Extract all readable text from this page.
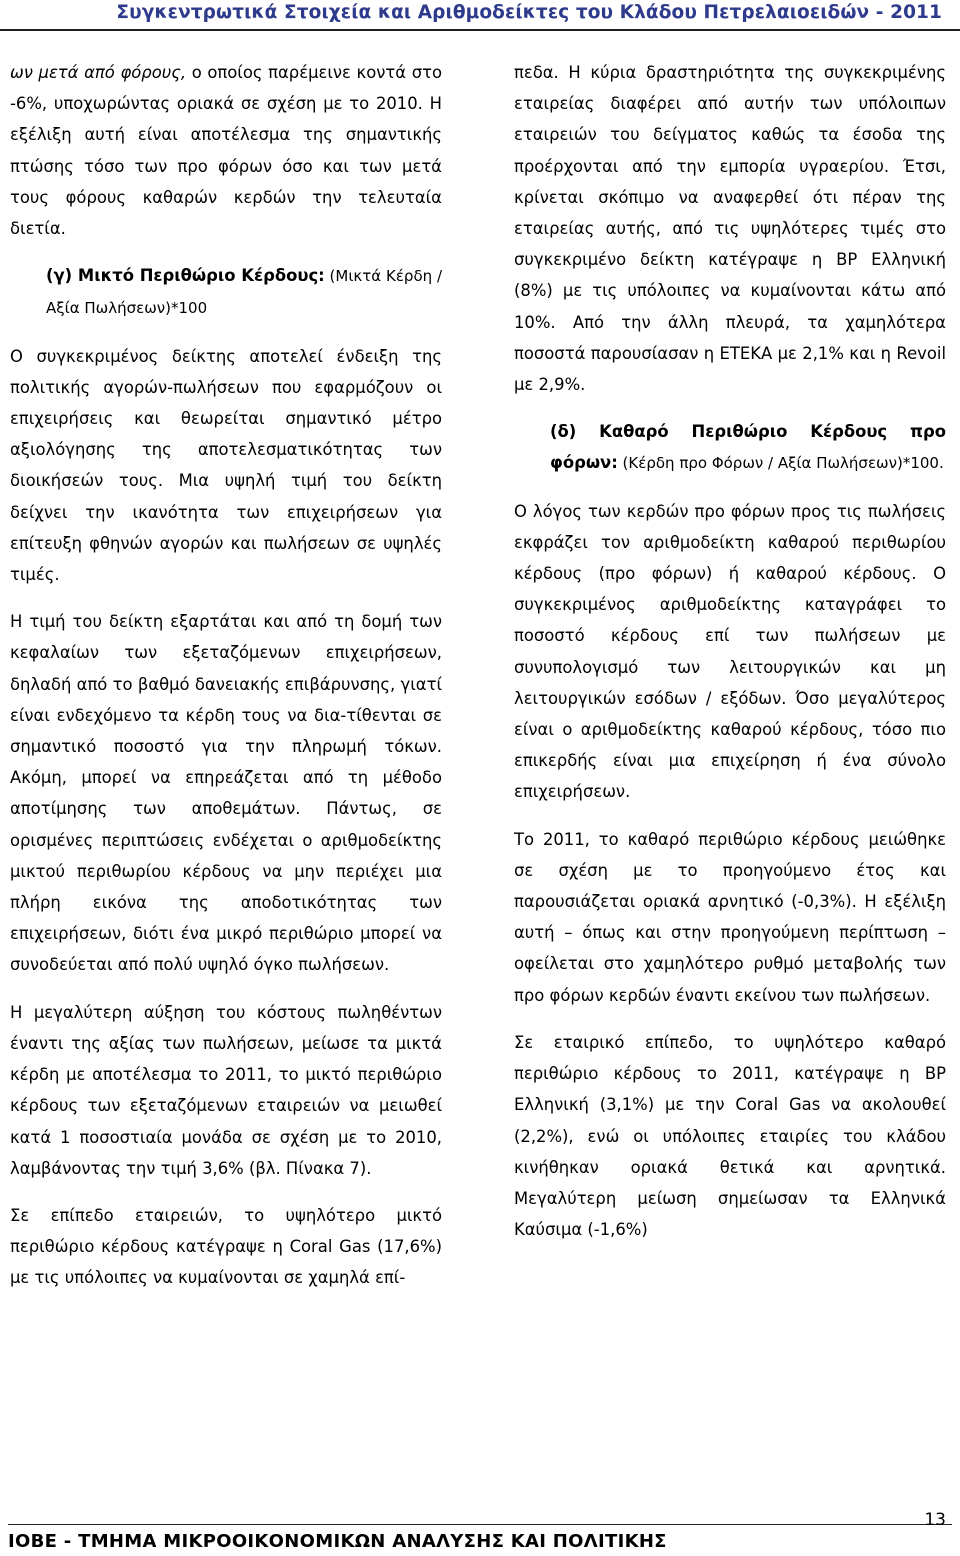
Συγκεντρωτικά Στοιχεία και Αριθμοδείκτες του Κλάδου Πετρελαιοειδών - 2011

ων μετά από φόρους, ο οποίος παρέμεινε κοντά στο -6%, υποχωρώντας οριακά σε σχέση με το 2010. Η εξέλιξη αυτή είναι αποτέλεσμα της σημαντικής πτώσης τόσο των προ φόρων όσο και των μετά τους φόρους καθαρών κερδών την τελευταία διετία.

(γ) Μικτό Περιθώριο Κέρδους: (Μικτά Κέρδη / Αξία Πωλήσεων)*100

Ο συγκεκριμένος δείκτης αποτελεί ένδειξη της πολιτικής αγορών-πωλήσεων που εφαρμόζουν οι επιχειρήσεις και θεωρείται σημαντικό μέτρο αξιολόγησης της αποτελεσματικότητας των διοικήσεών τους. Μια υψηλή τιμή του δείκτη δείχνει την ικανότητα των επιχειρήσεων για επίτευξη φθηνών αγορών και πωλήσεων σε υψηλές τιμές.

Η τιμή του δείκτη εξαρτάται και από τη δομή των κεφαλαίων των εξεταζόμενων επιχειρήσεων, δηλαδή από το βαθμό δανειακής επιβάρυνσης, γιατί είναι ενδεχόμενο τα κέρδη τους να δια-τίθενται σε σημαντικό ποσοστό για την πληρωμή τόκων. Ακόμη, μπορεί να επηρεάζεται από τη μέθοδο αποτίμησης των αποθεμάτων. Πάντως, σε ορισμένες περιπτώσεις ενδέχεται ο αριθμοδείκτης μικτού περιθωρίου κέρδους να μην περιέχει μια πλήρη εικόνα της αποδοτικότητας των επιχειρήσεων, διότι ένα μικρό περιθώριο μπορεί να συνοδεύεται από πολύ υψηλό όγκο πωλήσεων.

Η μεγαλύτερη αύξηση του κόστους πωληθέντων έναντι της αξίας των πωλήσεων, μείωσε τα μικτά κέρδη με αποτέλεσμα το 2011, το μικτό περιθώριο κέρδους των εξεταζόμενων εταιρειών να μειωθεί κατά 1 ποσοστιαία μονάδα σε σχέση με το 2010, λαμβάνοντας την τιμή 3,6% (βλ. Πίνακα 7).

Σε επίπεδο εταιρειών, το υψηλότερο μικτό περιθώριο κέρδους κατέγραψε η Coral Gas (17,6%) με τις υπόλοιπες να κυμαίνονται σε χαμηλά επί-

πεδα. Η κύρια δραστηριότητα της συγκεκριμένης εταιρείας διαφέρει από αυτήν των υπόλοιπων εταιρειών του δείγματος καθώς τα έσοδα της προέρχονται από την εμπορία υγραερίου. Έτσι, κρίνεται σκόπιμο να αναφερθεί ότι πέραν της εταιρείας αυτής, από τις υψηλότερες τιμές στο συγκεκριμένο δείκτη κατέγραψε η BP Ελληνική (8%) με τις υπόλοιπες να κυμαίνονται κάτω από 10%. Από την άλλη πλευρά, τα χαμηλότερα ποσοστά παρουσίασαν η ΕΤΕΚΑ με 2,1% και η Revoil με 2,9%.

(δ) Καθαρό Περιθώριο Κέρδους προ φόρων: (Κέρδη προ Φόρων / Αξία Πωλήσεων)*100.

Ο λόγος των κερδών προ φόρων προς τις πωλήσεις εκφράζει τον αριθμοδείκτη καθαρού περιθωρίου κέρδους (προ φόρων) ή καθαρού κέρδους. Ο συγκεκριμένος αριθμοδείκτης καταγράφει το ποσοστό κέρδους επί των πωλήσεων με συνυπολογισμό των λειτουργικών και μη λειτουργικών εσόδων / εξόδων. Όσο μεγαλύτερος είναι ο αριθμοδείκτης καθαρού κέρδους, τόσο πιο επικερδής είναι μια επιχείρηση ή ένα σύνολο επιχειρήσεων.

Το 2011, το καθαρό περιθώριο κέρδους μειώθηκε σε σχέση με το προηγούμενο έτος και παρουσιάζεται οριακά αρνητικό (-0,3%). Η εξέλιξη αυτή – όπως και στην προηγούμενη περίπτωση – οφείλεται στο χαμηλότερο ρυθμό μεταβολής των προ φόρων κερδών έναντι εκείνου των πωλήσεων.

Σε εταιρικό επίπεδο, το υψηλότερο καθαρό περιθώριο κέρδους το 2011, κατέγραψε η BP Ελληνική (3,1%) με την Coral Gas να ακολουθεί (2,2%), ενώ οι υπόλοιπες εταιρίες του κλάδου κινήθηκαν οριακά θετικά και αρνητικά. Μεγαλύτερη μείωση σημείωσαν τα Ελληνικά Καύσιμα (-1,6%)

ΙΟΒΕ - ΤΜΗΜΑ ΜΙΚΡΟΟΙΚΟΝΟΜΙΚΩΝ ΑΝΑΛΥΣΗΣ ΚΑΙ ΠΟΛΙΤΙΚΗΣ
13
